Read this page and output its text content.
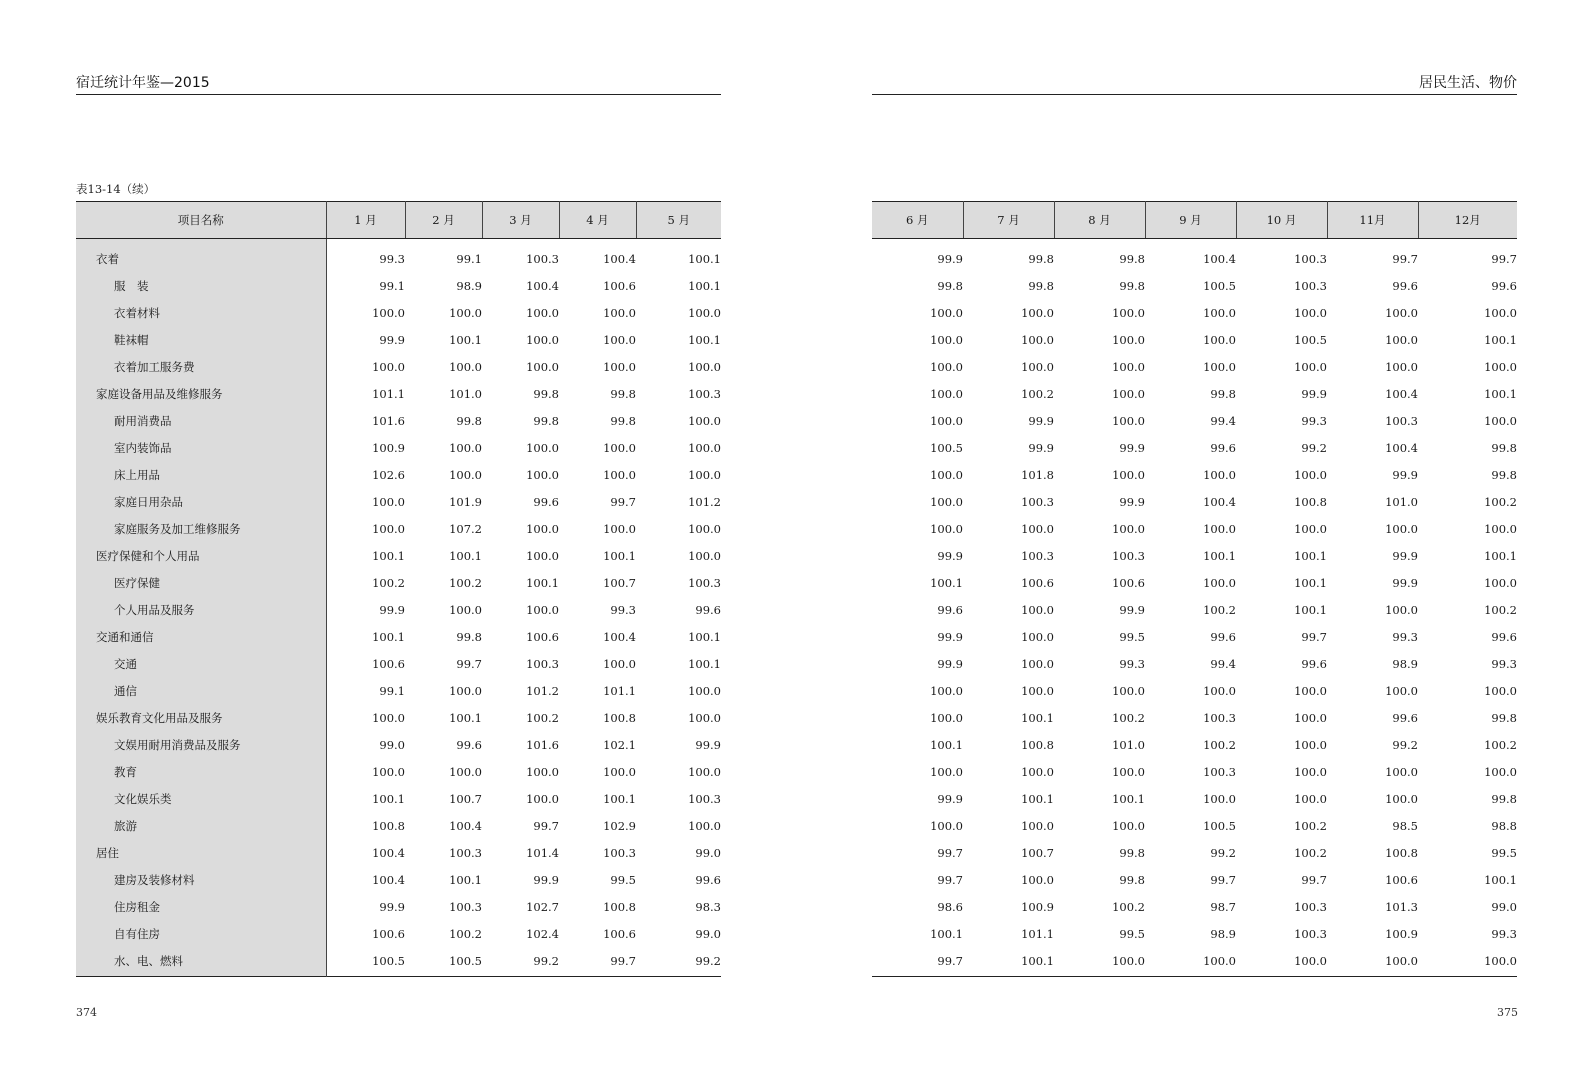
宿迁统计年鉴—2015
表13-14（续）
项目名称	1 月	2 月	3 月	4 月	5 月
衣着	99.3	99.1	100.3	100.4	100.1
服　装	99.1	98.9	100.4	100.6	100.1
衣着材料	100.0	100.0	100.0	100.0	100.0
鞋袜帽	99.9	100.1	100.0	100.0	100.1
衣着加工服务费	100.0	100.0	100.0	100.0	100.0
家庭设备用品及维修服务	101.1	101.0	99.8	99.8	100.3
耐用消费品	101.6	99.8	99.8	99.8	100.0
室内装饰品	100.9	100.0	100.0	100.0	100.0
床上用品	102.6	100.0	100.0	100.0	100.0
家庭日用杂品	100.0	101.9	99.6	99.7	101.2
家庭服务及加工维修服务	100.0	107.2	100.0	100.0	100.0
医疗保健和个人用品	100.1	100.1	100.0	100.1	100.0
医疗保健	100.2	100.2	100.1	100.7	100.3
个人用品及服务	99.9	100.0	100.0	99.3	99.6
交通和通信	100.1	99.8	100.6	100.4	100.1
交通	100.6	99.7	100.3	100.0	100.1
通信	99.1	100.0	101.2	101.1	100.0
娱乐教育文化用品及服务	100.0	100.1	100.2	100.8	100.0
文娱用耐用消费品及服务	99.0	99.6	101.6	102.1	99.9
教育	100.0	100.0	100.0	100.0	100.0
文化娱乐类	100.1	100.7	100.0	100.1	100.3
旅游	100.8	100.4	99.7	102.9	100.0
居住	100.4	100.3	101.4	100.3	99.0
建房及装修材料	100.4	100.1	99.9	99.5	99.6
住房租金	99.9	100.3	102.7	100.8	98.3
自有住房	100.6	100.2	102.4	100.6	99.0
水、电、燃料	100.5	100.5	99.2	99.7	99.2
374
居民生活、物价
6 月	7 月	8 月	9 月	10 月	11月	12月
99.9	99.8	99.8	100.4	100.3	99.7	99.7
99.8	99.8	99.8	100.5	100.3	99.6	99.6
100.0	100.0	100.0	100.0	100.0	100.0	100.0
100.0	100.0	100.0	100.0	100.5	100.0	100.1
100.0	100.0	100.0	100.0	100.0	100.0	100.0
100.0	100.2	100.0	99.8	99.9	100.4	100.1
100.0	99.9	100.0	99.4	99.3	100.3	100.0
100.5	99.9	99.9	99.6	99.2	100.4	99.8
100.0	101.8	100.0	100.0	100.0	99.9	99.8
100.0	100.3	99.9	100.4	100.8	101.0	100.2
100.0	100.0	100.0	100.0	100.0	100.0	100.0
99.9	100.3	100.3	100.1	100.1	99.9	100.1
100.1	100.6	100.6	100.0	100.1	99.9	100.0
99.6	100.0	99.9	100.2	100.1	100.0	100.2
99.9	100.0	99.5	99.6	99.7	99.3	99.6
99.9	100.0	99.3	99.4	99.6	98.9	99.3
100.0	100.0	100.0	100.0	100.0	100.0	100.0
100.0	100.1	100.2	100.3	100.0	99.6	99.8
100.1	100.8	101.0	100.2	100.0	99.2	100.2
100.0	100.0	100.0	100.3	100.0	100.0	100.0
99.9	100.1	100.1	100.0	100.0	100.0	99.8
100.0	100.0	100.0	100.5	100.2	98.5	98.8
99.7	100.7	99.8	99.2	100.2	100.8	99.5
99.7	100.0	99.8	99.7	99.7	100.6	100.1
98.6	100.9	100.2	98.7	100.3	101.3	99.0
100.1	101.1	99.5	98.9	100.3	100.9	99.3
99.7	100.1	100.0	100.0	100.0	100.0	100.0
375
